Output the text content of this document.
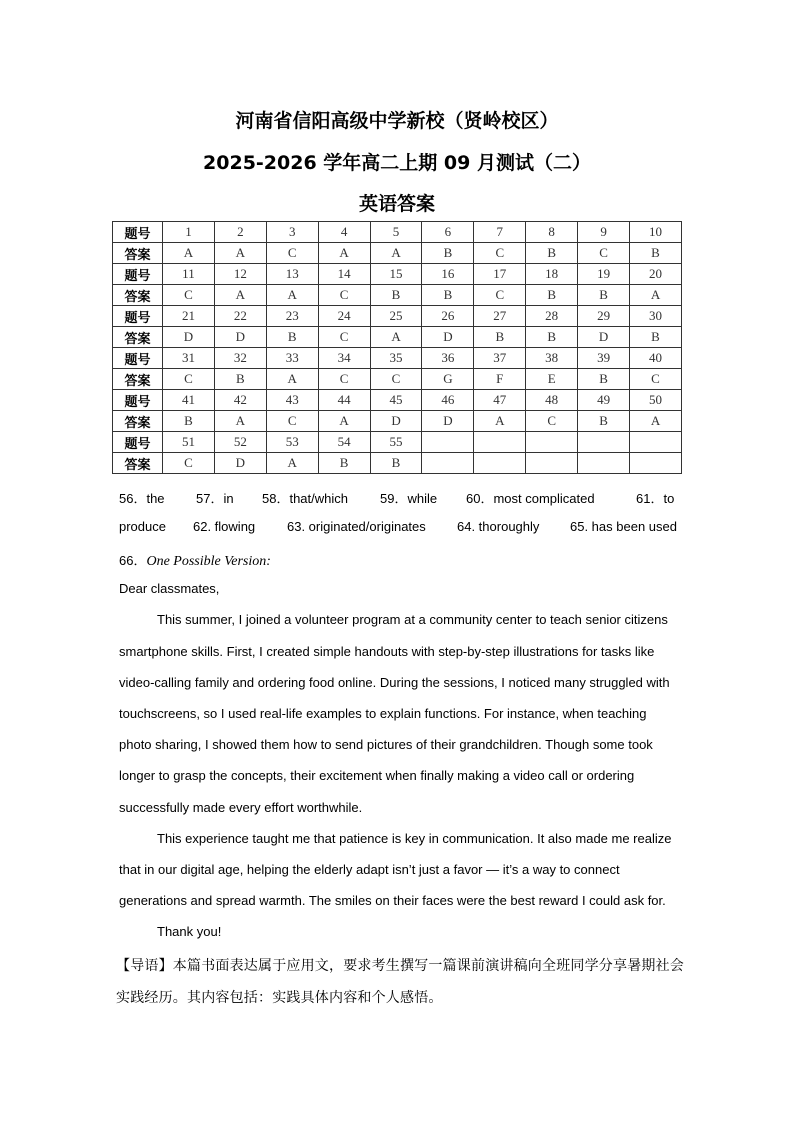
河南省信阳高级中学新校（贤岭校区）
2025-2026 学年高二上期 09 月测试（二）
英语答案
题号	1	2	3	4	5	6	7	8	9	10
答案	A	A	C	A	A	B	C	B	C	B
题号	11	12	13	14	15	16	17	18	19	20
答案	C	A	A	C	B	B	C	B	B	A
题号	21	22	23	24	25	26	27	28	29	30
答案	D	D	B	C	A	D	B	B	D	B
题号	31	32	33	34	35	36	37	38	39	40
答案	C	B	A	C	C	G	F	E	B	C
题号	41	42	43	44	45	46	47	48	49	50
答案	B	A	C	A	D	D	A	C	B	A
题号	51	52	53	54	55					
答案	C	D	A	B	B					
56．the 57．in 58．that/which 59．while 60．most complicated	61．to
produce 62. flowing 63. originated/originates 64. thoroughly 65. has been used
66．One Possible Version:
Dear classmates,
This summer, I joined a volunteer program at a community center to teach senior citizens
smartphone skills. First, I created simple handouts with step-by-step illustrations for tasks like
video-calling family and ordering food online. During the sessions, I noticed many struggled with
touchscreens, so I used real-life examples to explain functions. For instance, when teaching
photo sharing, I showed them how to send pictures of their grandchildren. Though some took
longer to grasp the concepts, their excitement when finally making a video call or ordering
successfully made every effort worthwhile.
This experience taught me that patience is key in communication. It also made me realize
that in our digital age, helping the elderly adapt isn’t just a favor — it’s a way to connect
generations and spread warmth. The smiles on their faces were the best reward I could ask for.
Thank you!
【导语】本篇书面表达属于应用文，要求考生撰写一篇课前演讲稿向全班同学分享暑期社会
实践经历。其内容包括：实践具体内容和个人感悟。
